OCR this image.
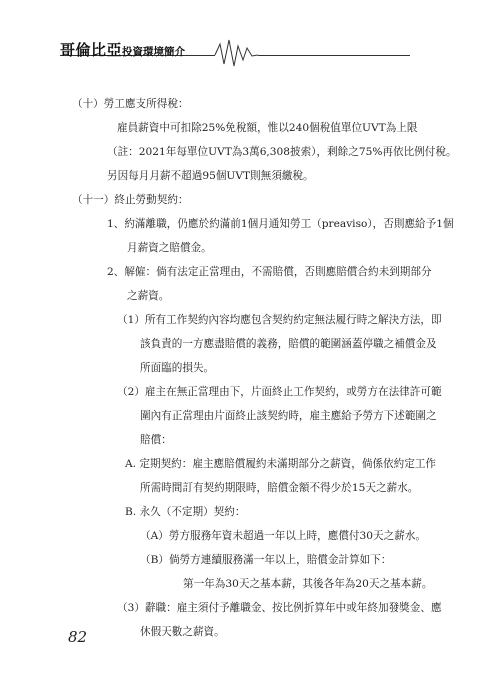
哥倫比亞投資環境簡介
（十）勞工應支所得稅：
雇員薪資中可扣除25%免稅額，惟以240個稅值單位UVT為上限
（註：2021年每單位UVT為3萬6,308披索），剩餘之75%再依比例付稅。
另因每月月薪不超過95個UVT則無須繳稅。
（十一）終止勞動契約：
1、約滿離職，仍應於約滿前1個月通知勞工（preaviso），否則應給予1個
月薪資之賠償金。
2、解僱：倘有法定正當理由，不需賠償，否則應賠償合約未到期部分
之薪資。
（1）所有工作契約內容均應包含契約約定無法履行時之解決方法，即
該負責的一方應盡賠償的義務，賠償的範圍涵蓋停職之補償金及
所面臨的損失。
（2）雇主在無正當理由下，片面終止工作契約，或勞方在法律許可範
圍內有正當理由片面終止該契約時，雇主應給予勞方下述範圍之
賠償：
A. 定期契約：雇主應賠償履約未滿期部分之薪資，倘係依約定工作
所需時間訂有契約期限時，賠償金額不得少於15天之薪水。
B. 永久（不定期）契約：
（A）勞方服務年資未超過一年以上時，應償付30天之薪水。
（B）倘勞方連續服務滿一年以上，賠償金計算如下：
第一年為30天之基本薪，其後各年為20天之基本薪。
（3）辭職：雇主須付予離職金、按比例折算年中或年終加發獎金、應
休假天數之薪資。
82
